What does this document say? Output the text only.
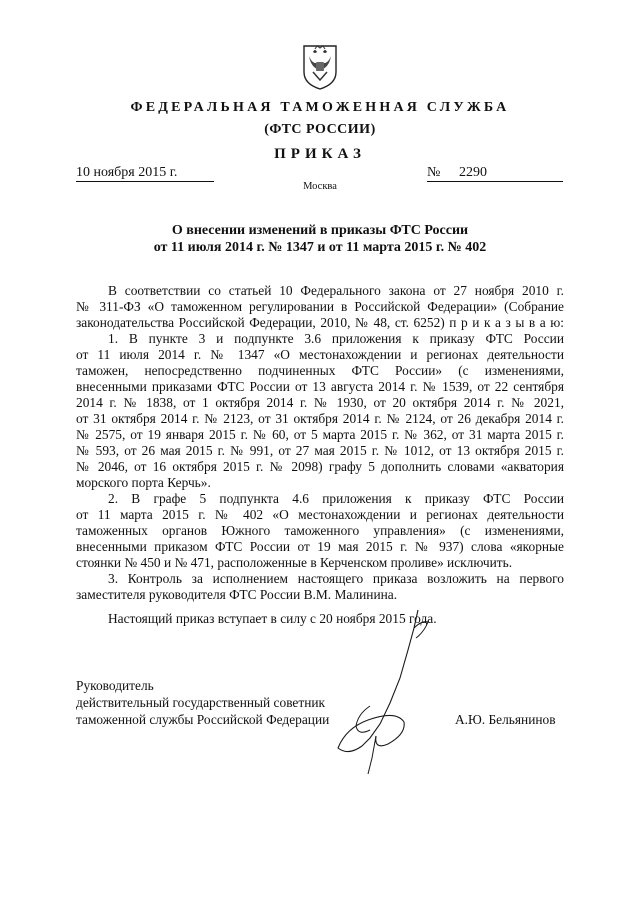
ФЕДЕРАЛЬНАЯ ТАМОЖЕННАЯ СЛУЖБА
(ФТС РОССИИ)
ПРИКАЗ
10 ноября 2015 г.	№ 2290
Москва
О внесении изменений в приказы ФТС России
от 11 июля 2014 г. № 1347 и от 11 марта 2015 г. № 402
В соответствии со статьей 10 Федерального закона от 27 ноября 2010 г.
№ 311-ФЗ «О таможенном регулировании в Российской Федерации» (Собрание
законодательства Российской Федерации, 2010, № 48, ст. 6252) п р и к а з ы в а ю:
1. В пункте 3 и подпункте 3.6 приложения к приказу ФТС России
от 11 июля 2014 г. № 1347 «О местонахождении и регионах деятельности
таможен, непосредственно подчиненных ФТС России» (с изменениями,
внесенными приказами ФТС России от 13 августа 2014 г. № 1539, от 22 сентября
2014 г. № 1838, от 1 октября 2014 г. № 1930, от 20 октября 2014 г. № 2021,
от 31 октября 2014 г. № 2123, от 31 октября 2014 г. № 2124, от 26 декабря 2014 г.
№ 2575, от 19 января 2015 г. № 60, от 5 марта 2015 г. № 362, от 31 марта 2015 г.
№ 593, от 26 мая 2015 г. № 991, от 27 мая 2015 г. № 1012, от 13 октября 2015 г.
№ 2046, от 16 октября 2015 г. № 2098) графу 5 дополнить словами «акватория
морского порта Керчь».
2. В графе 5 подпункта 4.6 приложения к приказу ФТС России
от 11 марта 2015 г. № 402 «О местонахождении и регионах деятельности
таможенных органов Южного таможенного управления» (с изменениями,
внесенными приказом ФТС России от 19 мая 2015 г. № 937) слова «якорные
стоянки № 450 и № 471, расположенные в Керченском проливе» исключить.
3. Контроль за исполнением настоящего приказа возложить на первого
заместителя руководителя ФТС России В.М. Малинина.
Настоящий приказ вступает в силу с 20 ноября 2015 года.
Руководитель
действительный государственный советник
таможенной службы Российской Федерации	А.Ю. Бельянинов
